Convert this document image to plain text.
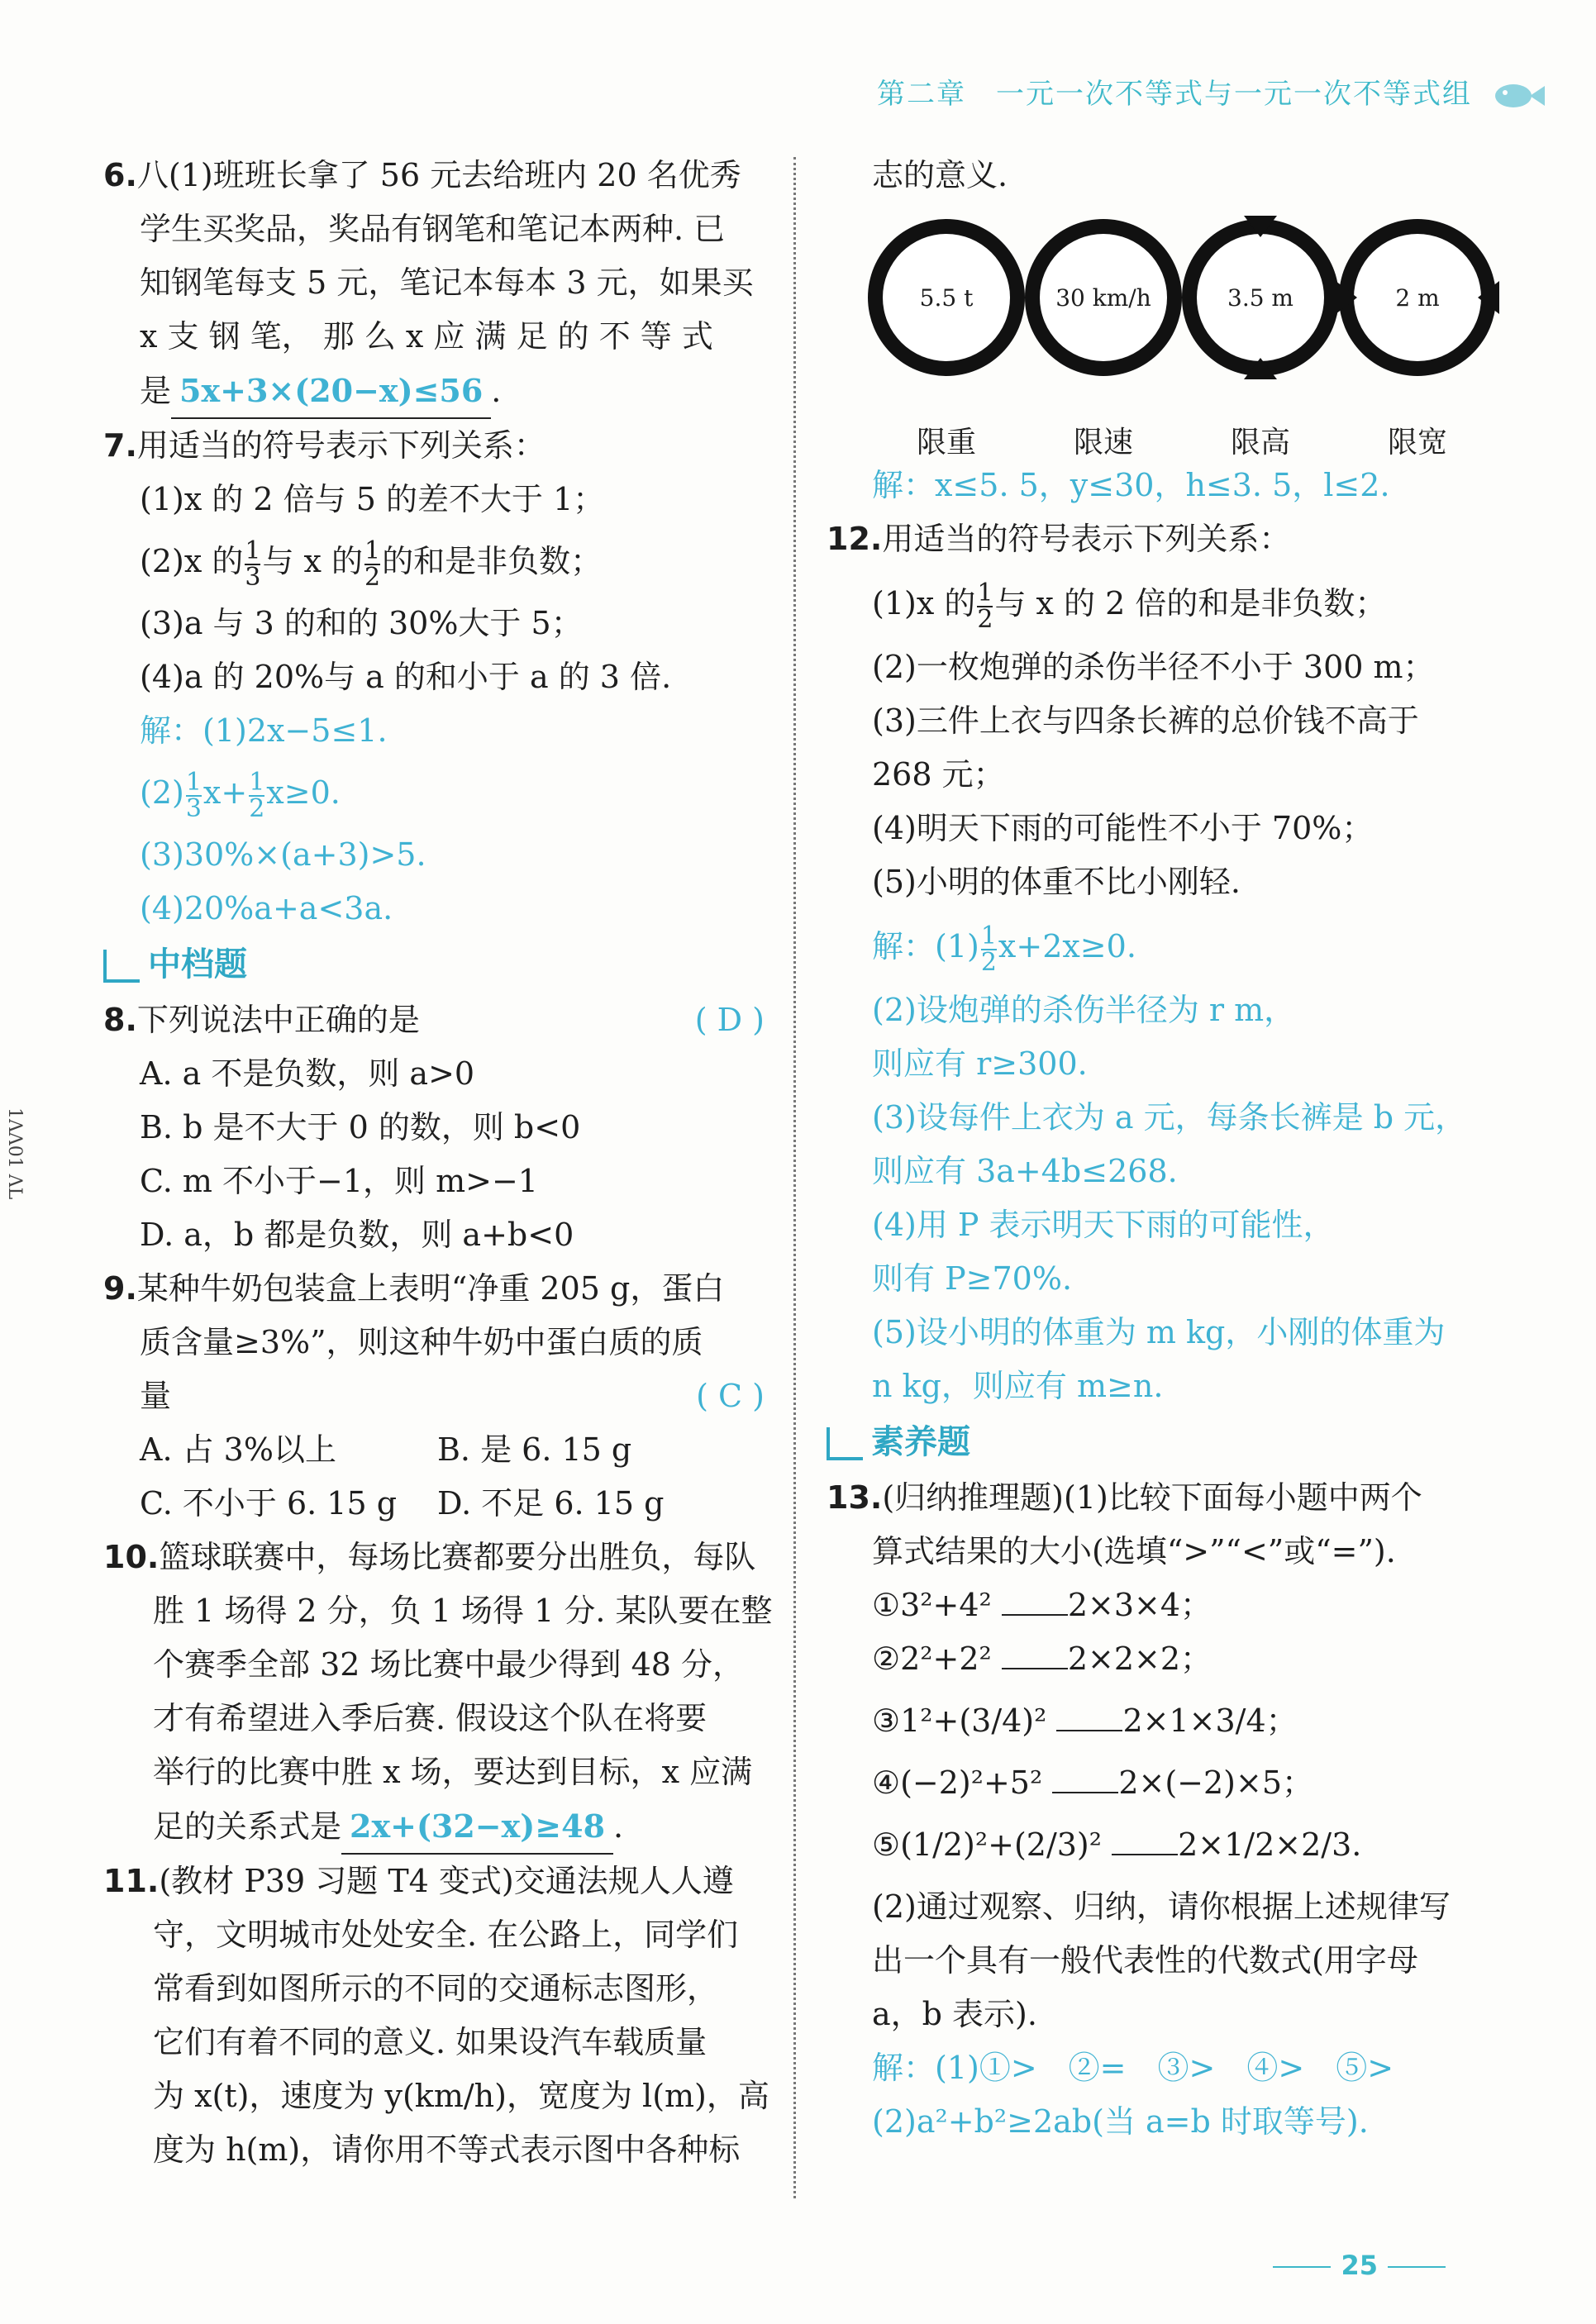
第二章　一元一次不等式与一元一次不等式组
6.八(1)班班长拿了 56 元去给班内 20 名优秀
学生买奖品，奖品有钢笔和笔记本两种. 已
知钢笔每支 5 元，笔记本每本 3 元，如果买
x 支 钢 笔， 那 么 x 应 满 足 的 不 等 式
是 5x+3×(20−x)≤56 .
7.用适当的符号表示下列关系：
(1)x 的 2 倍与 5 的差不大于 1；
(2)x 的 $\frac{1}{3}$ 与 x 的 $\frac{1}{2}$ 的和是非负数；
(3)a 与 3 的和的 30%大于 5；
(4)a 的 20%与 a 的和小于 a 的 3 倍.
解：(1)2x−5≤1.
$(2) \frac{1}{3} x+ \frac{1}{2} x\ge 0$.
(3)30%×(a+3)>5.
(4)20%a+a<3a.
中档题
8.下列说法中正确的是	( D )
A. a 不是负数，则 a>0
B. b 是不大于 0 的数，则 b<0
C. m 不小于−1，则 m>−1
D. a，b 都是负数，则 a+b<0
9.某种牛奶包装盒上表明“净重 205 g，蛋白
质含量≥3%”，则这种牛奶中蛋白质的质
量	( C )
A. 占 3%以上	B. 是 6. 15 g
C. 不小于 6. 15 g D. 不足 6. 15 g
10.篮球联赛中，每场比赛都要分出胜负，每队
胜 1 场得 2 分，负 1 场得 1 分. 某队要在整
个赛季全部 32 场比赛中最少得到 48 分，
才有希望进入季后赛. 假设这个队在将要
举行的比赛中胜 x 场，要达到目标，x 应满
足的关系式是 2x+(32−x)≥48 .
11.(教材 P39 习题 T4 变式)交通法规人人遵
守，文明城市处处安全. 在公路上，同学们
常看到如图所示的不同的交通标志图形，
它们有着不同的意义. 如果设汽车载质量
为 x(t)，速度为 y(km/h)，宽度为 l(m)，高
度为 h(m)，请你用不等式表示图中各种标
志的意义.
5.5 t
限重
30 km/h
限速
3.5 m
限高
2 m
限宽
解：x≤5. 5，y≤30，h≤3. 5，l≤2.
12.用适当的符号表示下列关系：
(1)x 的 $\frac{1}{2}$ 与 x 的 2 倍的和是非负数；
(2)一枚炮弹的杀伤半径不小于 300 m；
(3)三件上衣与四条长裤的总价钱不高于
268 元；
(4)明天下雨的可能性不小于 70%；
(5)小明的体重不比小刚轻.
解：$(1) \frac{1}{2} x+2x\ge 0$.
(2)设炮弹的杀伤半径为 r m，
则应有 r≥300.
(3)设每件上衣为 a 元，每条长裤是 b 元，
则应有 3a+4b≤268.
(4)用 P 表示明天下雨的可能性，
则有 P≥70%.
(5)设小明的体重为 m kg，小刚的体重为
n kg，则应有 m≥n.
素养题
13.(归纳推理题)(1)比较下面每小题中两个
算式结果的大小(选填“>”“<”或“=”).
①3²+4² 2×3×4；
②2²+2² 2×2×2；
③1²+(3/4)² 2×1×3/4；
④(−2)²+5² 2×(−2)×5；
⑤(1/2)²+(2/3)² 2×1/2×2/3.
(2)通过观察、归纳，请你根据上述规律写
出一个具有一般代表性的代数式(用字母
a，b 表示).
解：(1)①>　②=　③>　④>　⑤>
(2)a²+b²≥2ab(当 a=b 时取等号).
1ΛΛ01 ΛL
25
